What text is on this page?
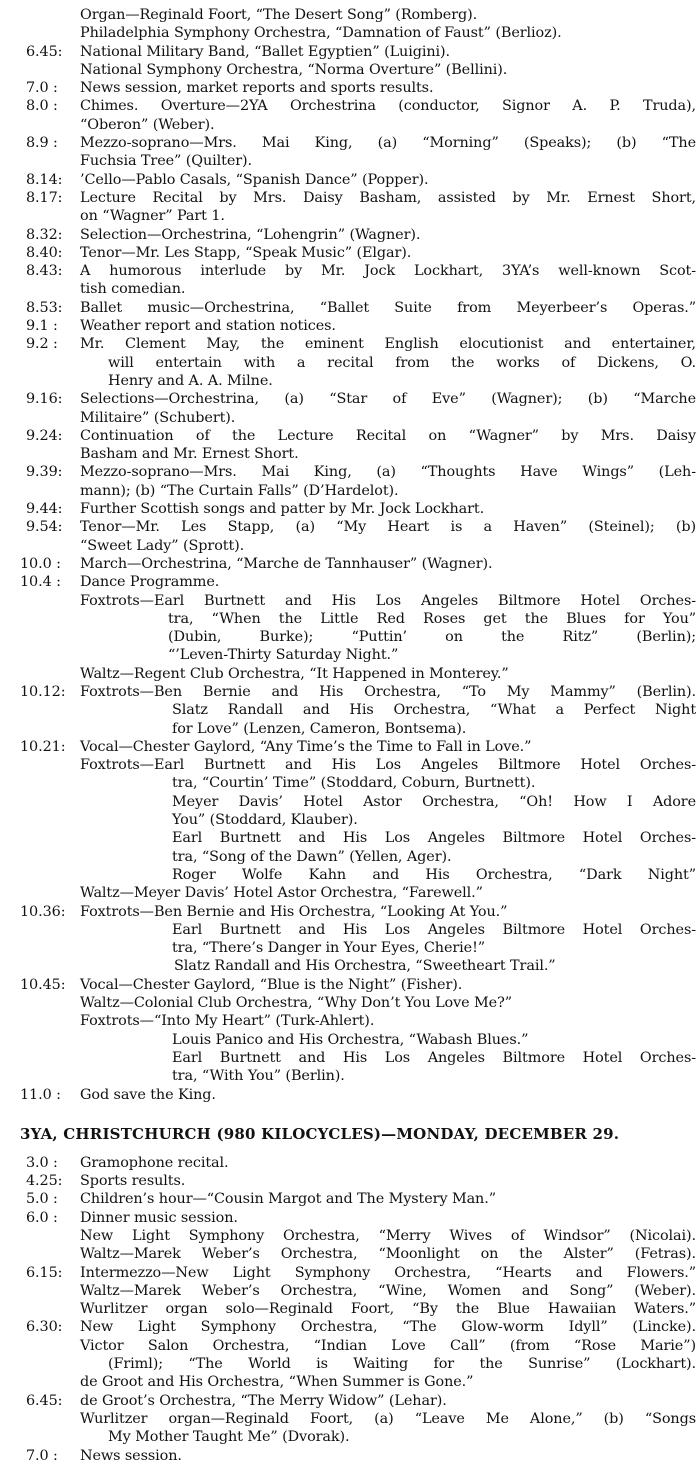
Organ—Reginald Foort, “The Desert Song” (Romberg).
Philadelphia Symphony Orchestra, “Damnation of Faust” (Berlioz).
6.45:	National Military Band, “Ballet Egyptien” (Luigini).
National Symphony Orchestra, “Norma Overture” (Bellini).
7.0 :	News session, market reports and sports results.
8.0 :	Chimes. Overture—2YA Orchestrina (conductor, Signor A. P. Truda),
“Oberon” (Weber).
8.9 :	Mezzo-soprano—Mrs. Mai King, (a) “Morning” (Speaks); (b) “The
Fuchsia Tree” (Quilter).
8.14:	’Cello—Pablo Casals, “Spanish Dance” (Popper).
8.17:	Lecture Recital by Mrs. Daisy Basham, assisted by Mr. Ernest Short,
on “Wagner” Part 1.
8.32:	Selection—Orchestrina, “Lohengrin” (Wagner).
8.40:	Tenor—Mr. Les Stapp, “Speak Music” (Elgar).
8.43:	A humorous interlude by Mr. Jock Lockhart, 3YA’s well-known Scot-
tish comedian.
8.53:	Ballet music—Orchestrina, “Ballet Suite from Meyerbeer’s Operas.”
9.1 :	Weather report and station notices.
9.2 :	Mr. Clement May, the eminent English elocutionist and entertainer,
will entertain with a recital from the works of Dickens, O.
Henry and A. A. Milne.
9.16:	Selections—Orchestrina, (a) “Star of Eve” (Wagner); (b) “Marche
Militaire” (Schubert).
9.24:	Continuation of the Lecture Recital on “Wagner” by Mrs. Daisy
Basham and Mr. Ernest Short.
9.39:	Mezzo-soprano—Mrs. Mai King, (a) “Thoughts Have Wings” (Leh-
mann); (b) “The Curtain Falls” (D’Hardelot).
9.44:	Further Scottish songs and patter by Mr. Jock Lockhart.
9.54:	Tenor—Mr. Les Stapp, (a) “My Heart is a Haven” (Steinel); (b)
“Sweet Lady” (Sprott).
10.0 :	March—Orchestrina, “Marche de Tannhauser” (Wagner).
10.4 :	Dance Programme.
Foxtrots—Earl Burtnett and His Los Angeles Biltmore Hotel Orches-
tra, “When the Little Red Roses get the Blues for You”
(Dubin, Burke); “Puttin’ on the Ritz” (Berlin);
“’Leven-Thirty Saturday Night.”
Waltz—Regent Club Orchestra, “It Happened in Monterey.”
10.12:	Foxtrots—Ben Bernie and His Orchestra, “To My Mammy” (Berlin).
Slatz Randall and His Orchestra, “What a Perfect Night
for Love” (Lenzen, Cameron, Bontsema).
10.21:	Vocal—Chester Gaylord, “Any Time’s the Time to Fall in Love.”
Foxtrots—Earl Burtnett and His Los Angeles Biltmore Hotel Orches-
tra, “Courtin’ Time” (Stoddard, Coburn, Burtnett).
Meyer Davis’ Hotel Astor Orchestra, “Oh! How I Adore
You” (Stoddard, Klauber).
Earl Burtnett and His Los Angeles Biltmore Hotel Orches-
tra, “Song of the Dawn” (Yellen, Ager).
Roger Wolfe Kahn and His Orchestra, “Dark Night”
Waltz—Meyer Davis’ Hotel Astor Orchestra, “Farewell.”
10.36:	Foxtrots—Ben Bernie and His Orchestra, “Looking At You.”
Earl Burtnett and His Los Angeles Biltmore Hotel Orches-
tra, “There’s Danger in Your Eyes, Cherie!”
Slatz Randall and His Orchestra, “Sweetheart Trail.”
10.45:	Vocal—Chester Gaylord, “Blue is the Night” (Fisher).
Waltz—Colonial Club Orchestra, “Why Don’t You Love Me?”
Foxtrots—“Into My Heart” (Turk-Ahlert).
Louis Panico and His Orchestra, “Wabash Blues.”
Earl Burtnett and His Los Angeles Biltmore Hotel Orches-
tra, “With You” (Berlin).
11.0 :	God save the King.
3YA, CHRISTCHURCH (980 KILOCYCLES)—MONDAY, DECEMBER 29.
3.0 :	Gramophone recital.
4.25:	Sports results.
5.0 :	Children’s hour—“Cousin Margot and The Mystery Man.”
6.0 :	Dinner music session.
New Light Symphony Orchestra, “Merry Wives of Windsor” (Nicolai).
Waltz—Marek Weber’s Orchestra, “Moonlight on the Alster” (Fetras).
6.15:	Intermezzo—New Light Symphony Orchestra, “Hearts and Flowers.”
Waltz—Marek Weber’s Orchestra, “Wine, Women and Song” (Weber).
Wurlitzer organ solo—Reginald Foort, “By the Blue Hawaiian Waters.”
6.30:	New Light Symphony Orchestra, “The Glow-worm Idyll” (Lincke).
Victor Salon Orchestra, “Indian Love Call” (from “Rose Marie”)
(Friml); “The World is Waiting for the Sunrise” (Lockhart).
de Groot and His Orchestra, “When Summer is Gone.”
6.45:	de Groot’s Orchestra, “The Merry Widow” (Lehar).
Wurlitzer organ—Reginald Foort, (a) “Leave Me Alone,” (b) “Songs
My Mother Taught Me” (Dvorak).
7.0 :	News session.
